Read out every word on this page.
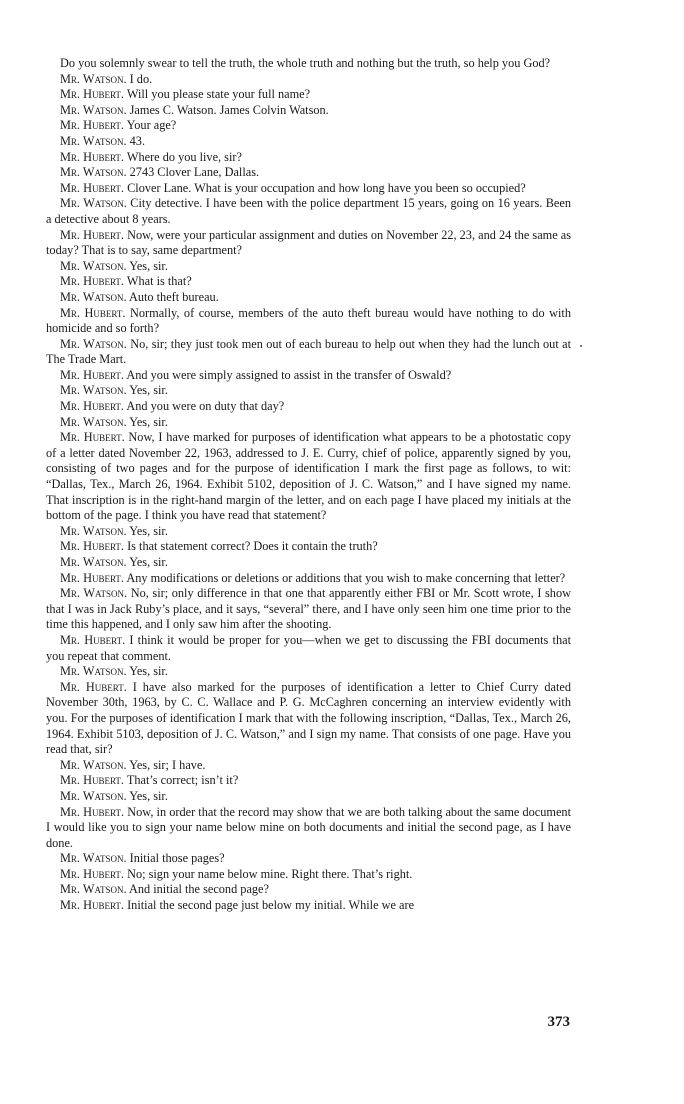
Do you solemnly swear to tell the truth, the whole truth and nothing but the truth, so help you God?

Mr. Watson. I do.

Mr. Hubert. Will you please state your full name?

Mr. Watson. James C. Watson. James Colvin Watson.

Mr. Hubert. Your age?

Mr. Watson. 43.

Mr. Hubert. Where do you live, sir?

Mr. Watson. 2743 Clover Lane, Dallas.

Mr. Hubert. Clover Lane. What is your occupation and how long have you been so occupied?

Mr. Watson. City detective. I have been with the police department 15 years, going on 16 years. Been a detective about 8 years.

Mr. Hubert. Now, were your particular assignment and duties on November 22, 23, and 24 the same as today? That is to say, same department?

Mr. Watson. Yes, sir.

Mr. Hubert. What is that?

Mr. Watson. Auto theft bureau.

Mr. Hubert. Normally, of course, members of the auto theft bureau would have nothing to do with homicide and so forth?

Mr. Watson. No, sir; they just took men out of each bureau to help out when they had the lunch out at The Trade Mart.

Mr. Hubert. And you were simply assigned to assist in the transfer of Oswald?

Mr. Watson. Yes, sir.

Mr. Hubert. And you were on duty that day?

Mr. Watson. Yes, sir.

Mr. Hubert. Now, I have marked for purposes of identification what appears to be a photostatic copy of a letter dated November 22, 1963, addressed to J. E. Curry, chief of police, apparently signed by you, consisting of two pages and for the purpose of identification I mark the first page as follows, to wit: “Dallas, Tex., March 26, 1964. Exhibit 5102, deposition of J. C. Watson,” and I have signed my name. That inscription is in the right-hand margin of the letter, and on each page I have placed my initials at the bottom of the page. I think you have read that statement?

Mr. Watson. Yes, sir.

Mr. Hubert. Is that statement correct? Does it contain the truth?

Mr. Watson. Yes, sir.

Mr. Hubert. Any modifications or deletions or additions that you wish to make concerning that letter?

Mr. Watson. No, sir; only difference in that one that apparently either FBI or Mr. Scott wrote, I show that I was in Jack Ruby’s place, and it says, “several” there, and I have only seen him one time prior to the time this happened, and I only saw him after the shooting.

Mr. Hubert. I think it would be proper for you—when we get to discussing the FBI documents that you repeat that comment.

Mr. Watson. Yes, sir.

Mr. Hubert. I have also marked for the purposes of identification a letter to Chief Curry dated November 30th, 1963, by C. C. Wallace and P. G. McCaghren concerning an interview evidently with you. For the purposes of identification I mark that with the following inscription, “Dallas, Tex., March 26, 1964. Exhibit 5103, deposition of J. C. Watson,” and I sign my name. That consists of one page. Have you read that, sir?

Mr. Watson. Yes, sir; I have.

Mr. Hubert. That’s correct; isn’t it?

Mr. Watson. Yes, sir.

Mr. Hubert. Now, in order that the record may show that we are both talking about the same document I would like you to sign your name below mine on both documents and initial the second page, as I have done.

Mr. Watson. Initial those pages?

Mr. Hubert. No; sign your name below mine. Right there. That’s right.

Mr. Watson. And initial the second page?

Mr. Hubert. Initial the second page just below my initial. While we are

373
